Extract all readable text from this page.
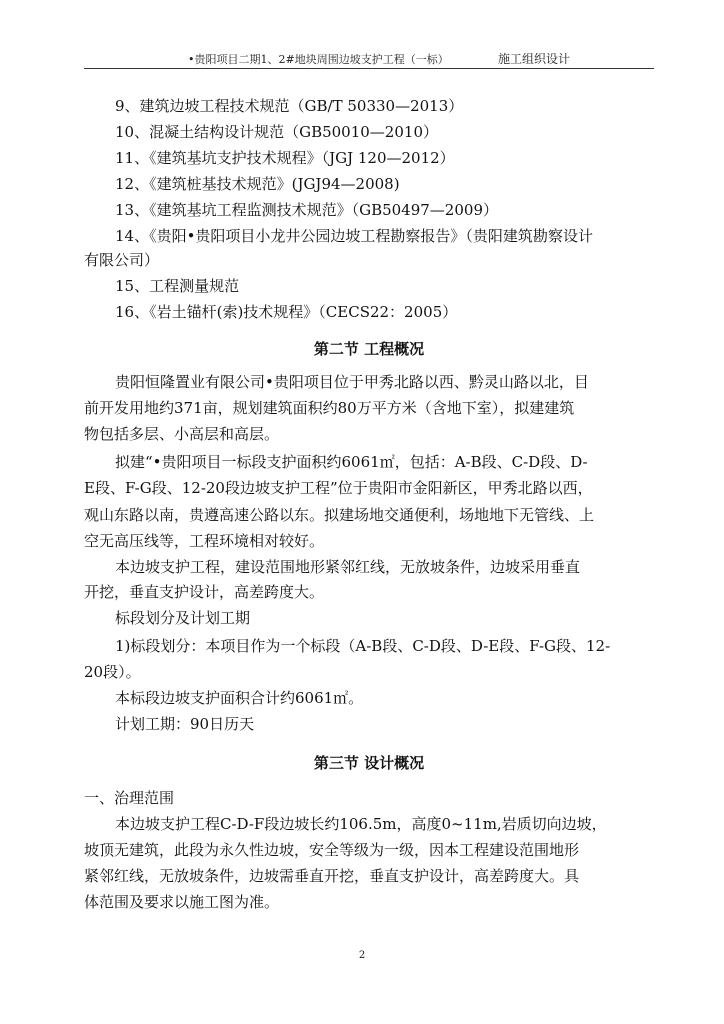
•贵阳项目二期1、2#地块周围边坡支护工程（一标）	施工组织设计

9、建筑边坡工程技术规范（GB/T 50330—2013）

10、混凝土结构设计规范（GB50010—2010）

11、《建筑基坑支护技术规程》（JGJ 120—2012）

12、《建筑桩基技术规范》(JGJ94—2008)

13、《建筑基坑工程监测技术规范》（GB50497—2009）

14、《贵阳•贵阳项目小龙井公园边坡工程勘察报告》（贵阳建筑勘察设计

有限公司）

15、工程测量规范

16、《岩土锚杆(索)技术规程》（CECS22：2005）

第二节 工程概况

贵阳恒隆置业有限公司•贵阳项目位于甲秀北路以西、黔灵山路以北，目

前开发用地约371亩，规划建筑面积约80万平方米（含地下室），拟建建筑

物包括多层、小高层和高层。

拟建“•贵阳项目一标段支护面积约6061㎡，包括：A-B段、C-D段、D-

E段、F-G段、12-20段边坡支护工程”位于贵阳市金阳新区，甲秀北路以西，

观山东路以南，贵遵高速公路以东。拟建场地交通便利，场地地下无管线、上

空无高压线等，工程环境相对较好。

本边坡支护工程，建设范围地形紧邻红线，无放坡条件，边坡采用垂直

开挖，垂直支护设计，高差跨度大。

标段划分及计划工期

1)标段划分：本项目作为一个标段（A-B段、C-D段、D-E段、F-G段、12-

20段）。

本标段边坡支护面积合计约6061㎡。

计划工期：90日历天

第三节 设计概况

一、治理范围

本边坡支护工程C-D-F段边坡长约106.5m，高度0~11m,岩质切向边坡，

坡顶无建筑，此段为永久性边坡，安全等级为一级，因本工程建设范围地形

紧邻红线，无放坡条件，边坡需垂直开挖，垂直支护设计，高差跨度大。具

体范围及要求以施工图为准。

2
